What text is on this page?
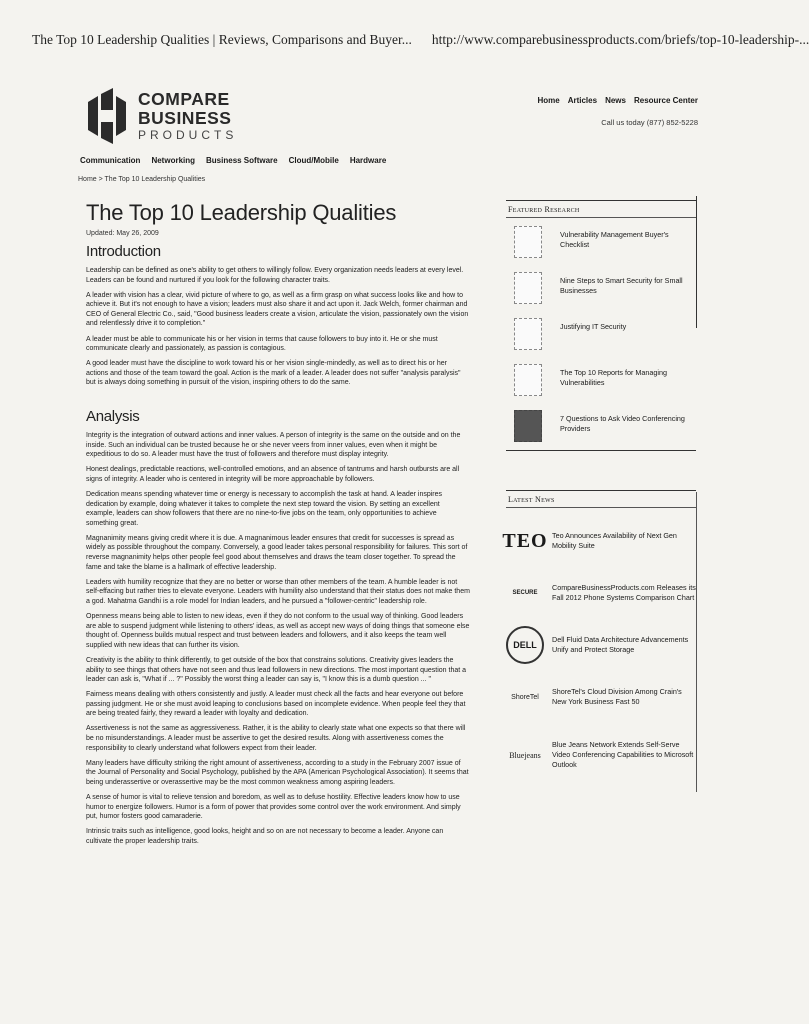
The Top 10 Leadership Qualities | Reviews, Comparisons and Buyer... http://www.comparebusinessproducts.com/briefs/top-10-leadership-...
COMPARE
BUSINESS
PRODUCTS
Home Articles News Resource Center
Call us today (877) 852-5228
Communication Networking Business Software Cloud/Mobile Hardware
Home > The Top 10 Leadership Qualities
The Top 10 Leadership Qualities
Updated: May 26, 2009
Introduction

Leadership can be defined as one's ability to get others to willingly follow. Every organization needs leaders at every level. Leaders can be found and nurtured if you look for the following character traits.

A leader with vision has a clear, vivid picture of where to go, as well as a firm grasp on what success looks like and how to achieve it. But it's not enough to have a vision; leaders must also share it and act upon it. Jack Welch, former chairman and CEO of General Electric Co., said, "Good business leaders create a vision, articulate the vision, passionately own the vision and relentlessly drive it to completion."

A leader must be able to communicate his or her vision in terms that cause followers to buy into it. He or she must communicate clearly and passionately, as passion is contagious.

A good leader must have the discipline to work toward his or her vision single-mindedly, as well as to direct his or her actions and those of the team toward the goal. Action is the mark of a leader. A leader does not suffer "analysis paralysis" but is always doing something in pursuit of the vision, inspiring others to do the same.

Analysis

Integrity is the integration of outward actions and inner values. A person of integrity is the same on the outside and on the inside. Such an individual can be trusted because he or she never veers from inner values, even when it might be expeditious to do so. A leader must have the trust of followers and therefore must display integrity.

Honest dealings, predictable reactions, well-controlled emotions, and an absence of tantrums and harsh outbursts are all signs of integrity. A leader who is centered in integrity will be more approachable by followers.

Dedication means spending whatever time or energy is necessary to accomplish the task at hand. A leader inspires dedication by example, doing whatever it takes to complete the next step toward the vision. By setting an excellent example, leaders can show followers that there are no nine-to-five jobs on the team, only opportunities to achieve something great.

Magnanimity means giving credit where it is due. A magnanimous leader ensures that credit for successes is spread as widely as possible throughout the company. Conversely, a good leader takes personal responsibility for failures. This sort of reverse magnanimity helps other people feel good about themselves and draws the team closer together. To spread the fame and take the blame is a hallmark of effective leadership.

Leaders with humility recognize that they are no better or worse than other members of the team. A humble leader is not self-effacing but rather tries to elevate everyone. Leaders with humility also understand that their status does not make them a god. Mahatma Gandhi is a role model for Indian leaders, and he pursued a "follower-centric" leadership role.

Openness means being able to listen to new ideas, even if they do not conform to the usual way of thinking. Good leaders are able to suspend judgment while listening to others' ideas, as well as accept new ways of doing things that someone else thought of. Openness builds mutual respect and trust between leaders and followers, and it also keeps the team well supplied with new ideas that can further its vision.

Creativity is the ability to think differently, to get outside of the box that constrains solutions. Creativity gives leaders the ability to see things that others have not seen and thus lead followers in new directions. The most important question that a leader can ask is, "What if ... ?" Possibly the worst thing a leader can say is, "I know this is a dumb question ... "

Fairness means dealing with others consistently and justly. A leader must check all the facts and hear everyone out before passing judgment. He or she must avoid leaping to conclusions based on incomplete evidence. When people feel they that are being treated fairly, they reward a leader with loyalty and dedication.

Assertiveness is not the same as aggressiveness. Rather, it is the ability to clearly state what one expects so that there will be no misunderstandings. A leader must be assertive to get the desired results. Along with assertiveness comes the responsibility to clearly understand what followers expect from their leader.

Many leaders have difficulty striking the right amount of assertiveness, according to a study in the February 2007 issue of the Journal of Personality and Social Psychology, published by the APA (American Psychological Association). It seems that being underassertive or overassertive may be the most common weakness among aspiring leaders.

A sense of humor is vital to relieve tension and boredom, as well as to defuse hostility. Effective leaders know how to use humor to energize followers. Humor is a form of power that provides some control over the work environment. And simply put, humor fosters good camaraderie.

Intrinsic traits such as intelligence, good looks, height and so on are not necessary to become a leader. Anyone can cultivate the proper leadership traits.

Featured Research
Vulnerability Management Buyer's Checklist
Nine Steps to Smart Security for Small Businesses
Justifying IT Security
The Top 10 Reports for Managing Vulnerabilities
7 Questions to Ask Video Conferencing Providers
Latest News
TEO Teo Announces Availability of Next Gen Mobility Suite
SECURE
CompareBusinessProducts.com Releases its Fall 2012 Phone Systems Comparison Chart
DELL
Dell Fluid Data Architecture Advancements Unify and Protect Storage
ShoreTel
ShoreTel's Cloud Division Among Crain's New York Business Fast 50
Bluejeans
Blue Jeans Network Extends Self-Serve Video Conferencing Capabilities to Microsoft Outlook
